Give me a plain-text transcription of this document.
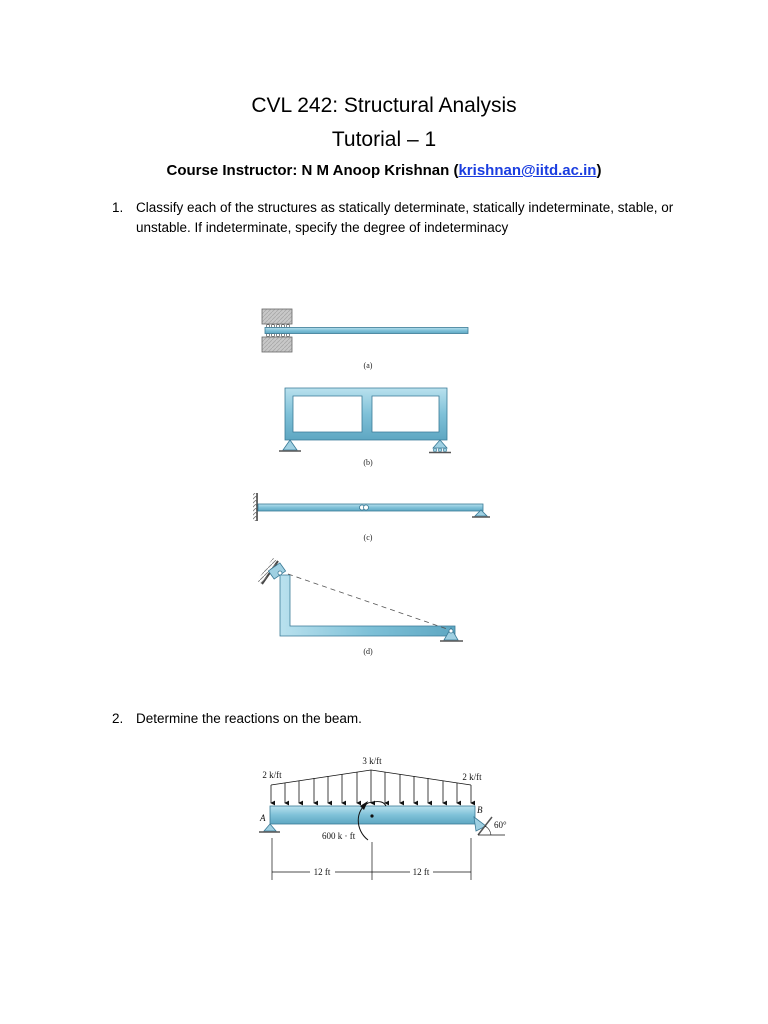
CVL 242: Structural Analysis
Tutorial – 1
Course Instructor: N M Anoop Krishnan (krishnan@iitd.ac.in)
1. Classify each of the structures as statically determinate, statically indeterminate, stable, or unstable. If indeterminate, specify the degree of indeterminacy
2. Determine the reactions on the beam.
(a)
(b)
(c)
(d)
3 k/ft
2 k/ft	2 k/ft
600 k · ft
A
B
60°
12 ft	12 ft
